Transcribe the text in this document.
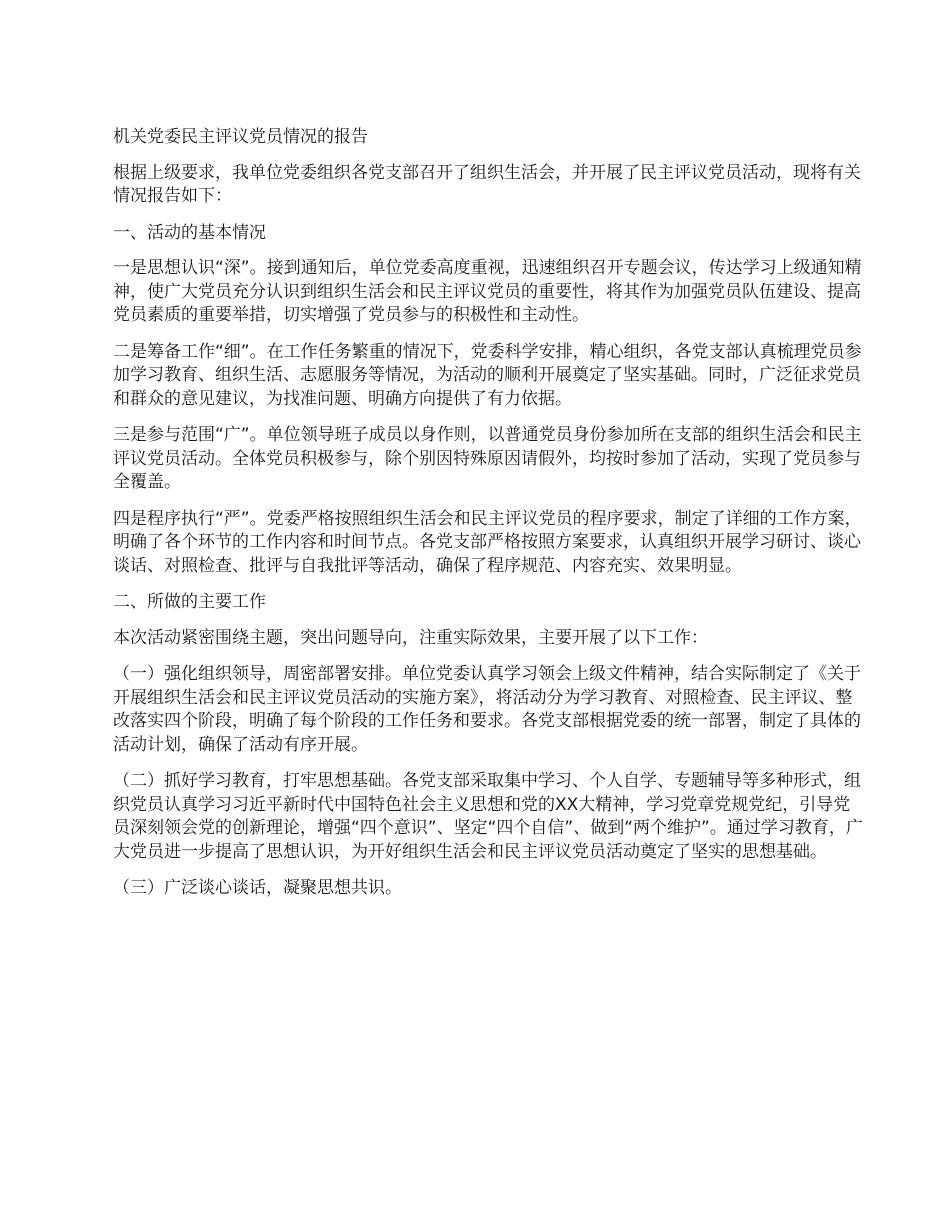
机关党委民主评议党员情况的报告

根据上级要求，我单位党委组织各党支部召开了组织生活会，并开展了民主评议党员活动，现将有关情况报告如下：

一、活动的基本情况

一是思想认识“深”。接到通知后，单位党委高度重视，迅速组织召开专题会议，传达学习上级通知精神，使广大党员充分认识到组织生活会和民主评议党员的重要性，将其作为加强党员队伍建设、提高党员素质的重要举措，切实增强了党员参与的积极性和主动性。

二是筹备工作“细”。在工作任务繁重的情况下，党委科学安排，精心组织，各党支部认真梳理党员参加学习教育、组织生活、志愿服务等情况，为活动的顺利开展奠定了坚实基础。同时，广泛征求党员和群众的意见建议，为找准问题、明确方向提供了有力依据。

三是参与范围“广”。单位领导班子成员以身作则，以普通党员身份参加所在支部的组织生活会和民主评议党员活动。全体党员积极参与，除个别因特殊原因请假外，均按时参加了活动，实现了党员参与全覆盖。

四是程序执行“严”。党委严格按照组织生活会和民主评议党员的程序要求，制定了详细的工作方案，明确了各个环节的工作内容和时间节点。各党支部严格按照方案要求，认真组织开展学习研讨、谈心谈话、对照检查、批评与自我批评等活动，确保了程序规范、内容充实、效果明显。

二、所做的主要工作

本次活动紧密围绕主题，突出问题导向，注重实际效果，主要开展了以下工作：

（一）强化组织领导，周密部署安排。单位党委认真学习领会上级文件精神，结合实际制定了《关于开展组织生活会和民主评议党员活动的实施方案》，将活动分为学习教育、对照检查、民主评议、整改落实四个阶段，明确了每个阶段的工作任务和要求。各党支部根据党委的统一部署，制定了具体的活动计划，确保了活动有序开展。

（二）抓好学习教育，打牢思想基础。各党支部采取集中学习、个人自学、专题辅导等多种形式，组织党员认真学习习近平新时代中国特色社会主义思想和党的XX大精神，学习党章党规党纪，引导党员深刻领会党的创新理论，增强“四个意识”、坚定“四个自信”、做到“两个维护”。通过学习教育，广大党员进一步提高了思想认识，为开好组织生活会和民主评议党员活动奠定了坚实的思想基础。

（三）广泛谈心谈话，凝聚思想共识。
